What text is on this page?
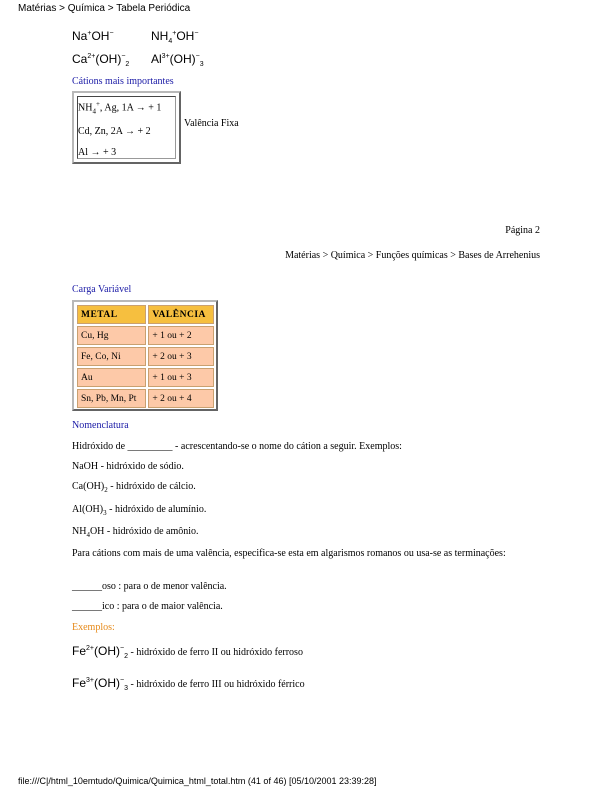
Matérias > Química > Tabela Periódica
Na+OH−	$NH_4^+OH^-$
$Ca^{2+}(OH)^-_2$ $Al^{3+}(OH)^-_3$
Cátions mais importantes
$NH_4^+$, Ag, 1A → + 1
Cd, Zn, 2A → + 2
Al → + 3
Valência Fixa
Página 2
Matérias > Química > Funções químicas > Bases de Arrehenius
Carga Variável
METAL	VALÊNCIA
Cu, Hg	+ 1 ou + 2
Fe, Co, Ni	+ 2 ou + 3
Au	+ 1 ou + 3
Sn, Pb, Mn, Pt	+ 2 ou + 4
Nomenclatura
Hidróxido de _________ - acrescentando-se o nome do cátion a seguir. Exemplos:
NaOH - hidróxido de sódio.
$Ca(OH)_2$ - hidróxido de cálcio.
$Al(OH)_3$ - hidróxido de alumínio.
$NH_4OH$ - hidróxido de amônio.
Para cátions com mais de uma valência, especifica-se esta em algarismos romanos ou usa-se as terminações:
______oso : para o de menor valência.
______ico : para o de maior valência.
Exemplos:
$Fe^{2+}(OH)^-_2$ - hidróxido de ferro II ou hidróxido ferroso
$Fe^{3+}(OH)^-_3$ - hidróxido de ferro III ou hidróxido férrico
file:///C|/html_10emtudo/Quimica/Quimica_html_total.htm (41 of 46) [05/10/2001 23:39:28]
